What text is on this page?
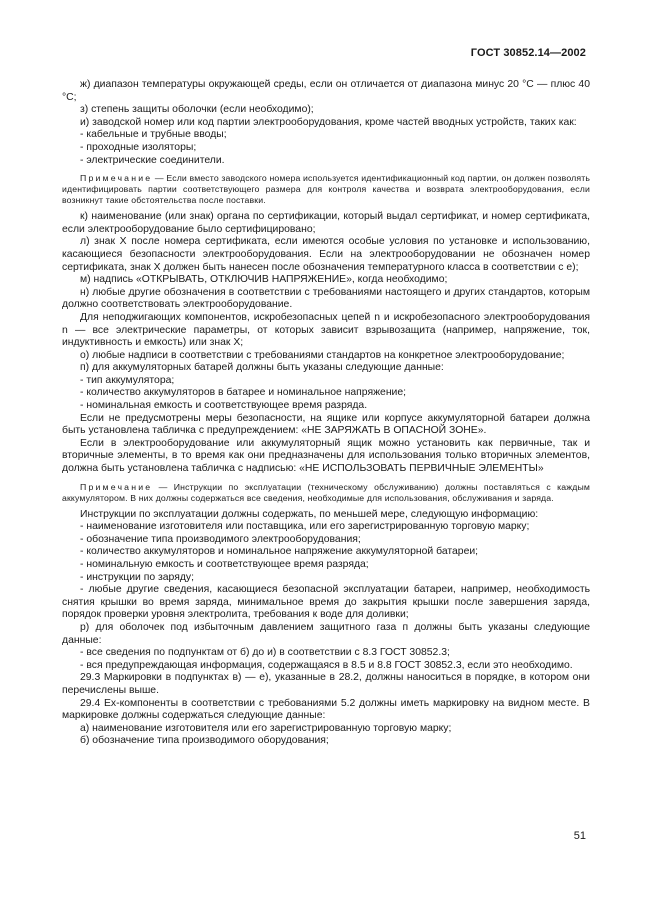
ГОСТ 30852.14—2002

ж) диапазон температуры окружающей среды, если он отличается от диапазона минус 20 °С — плюс 40 °С;

з) степень защиты оболочки (если необходимо);

и) заводской номер или код партии электрооборудования, кроме частей вводных устройств, таких как:

- кабельные и трубные вводы;

- проходные изоляторы;

- электрические соединители.

Примечание — Если вместо заводского номера используется идентификационный код партии, он должен позволять идентифицировать партии соответствующего размера для контроля качества и возврата электрооборудования, если возникнут такие обстоятельства после поставки.

к) наименование (или знак) органа по сертификации, который выдал сертификат, и номер сертификата, если электрооборудование было сертифицировано;

л) знак Х после номера сертификата, если имеются особые условия по установке и использованию, касающиеся безопасности электрооборудования. Если на электрооборудовании не обозначен номер сертификата, знак Х должен быть нанесен после обозначения температурного класса в соответствии с е);

м) надпись «ОТКРЫВАТЬ, ОТКЛЮЧИВ НАПРЯЖЕНИЕ», когда необходимо;

н) любые другие обозначения в соответствии с требованиями настоящего и других стандартов, которым должно соответствовать электрооборудование.

Для неподжигающих компонентов, искробезопасных цепей n и искробезопасного электрооборудования n — все электрические параметры, от которых зависит взрывозащита (например, напряжение, ток, индуктивность и емкость) или знак Х;

о) любые надписи в соответствии с требованиями стандартов на конкретное электрооборудование;

п) для аккумуляторных батарей должны быть указаны следующие данные:

- тип аккумулятора;

- количество аккумуляторов в батарее и номинальное напряжение;

- номинальная емкость и соответствующее время разряда.

Если не предусмотрены меры безопасности, на ящике или корпусе аккумуляторной батареи должна быть установлена табличка с предупреждением: «НЕ ЗАРЯЖАТЬ В ОПАСНОЙ ЗОНЕ».

Если в электрооборудование или аккумуляторный ящик можно установить как первичные, так и вторичные элементы, в то время как они предназначены для использования только вторичных элементов, должна быть установлена табличка с надписью: «НЕ ИСПОЛЬЗОВАТЬ ПЕРВИЧНЫЕ ЭЛЕМЕНТЫ»

Примечание — Инструкции по эксплуатации (техническому обслуживанию) должны поставляться с каждым аккумулятором. В них должны содержаться все сведения, необходимые для использования, обслуживания и заряда.

Инструкции по эксплуатации должны содержать, по меньшей мере, следующую информацию:

- наименование изготовителя или поставщика, или его зарегистрированную торговую марку;

- обозначение типа производимого электрооборудования;

- количество аккумуляторов и номинальное напряжение аккумуляторной батареи;

- номинальную емкость и соответствующее время разряда;

- инструкции по заряду;

- любые другие сведения, касающиеся безопасной эксплуатации батареи, например, необходимость снятия крышки во время заряда, минимальное время до закрытия крышки после завершения заряда, порядок проверки уровня электролита, требования к воде для доливки;

р) для оболочек под избыточным давлением защитного газа п должны быть указаны следующие данные:

- все сведения по подпунктам от б) до и) в соответствии с 8.3 ГОСТ 30852.3;

- вся предупреждающая информация, содержащаяся в 8.5 и 8.8 ГОСТ 30852.3, если это необходимо.

29.3 Маркировки в подпунктах в) — е), указанные в 28.2, должны наноситься в порядке, в котором они перечислены выше.

29.4 Ex-компоненты в соответствии с требованиями 5.2 должны иметь маркировку на видном месте. В маркировке должны содержаться следующие данные:

а) наименование изготовителя или его зарегистрированную торговую марку;

б) обозначение типа производимого оборудования;

51
